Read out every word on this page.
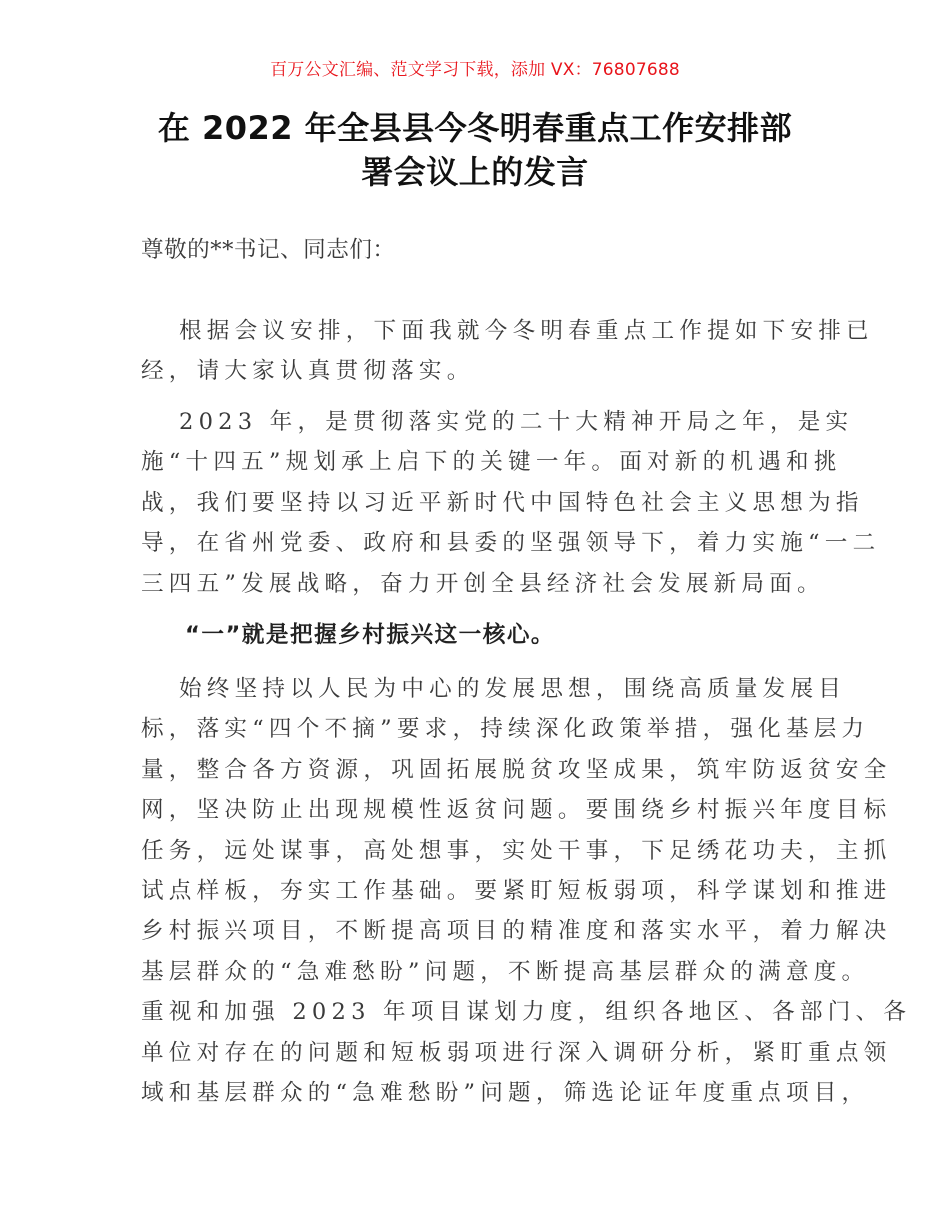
百万公文汇编、范文学习下载，添加 VX：76807688
在 2022 年全县县今冬明春重点工作安排部
署会议上的发言
尊敬的**书记、同志们：
根据会议安排，下面我就今冬明春重点工作提如下安排已
经，请大家认真贯彻落实。
2023 年，是贯彻落实党的二十大精神开局之年，是实
施“十四五”规划承上启下的关键一年。面对新的机遇和挑
战，我们要坚持以习近平新时代中国特色社会主义思想为指
导，在省州党委、政府和县委的坚强领导下，着力实施“一二
三四五”发展战略，奋力开创全县经济社会发展新局面。
“一”就是把握乡村振兴这一核心。
始终坚持以人民为中心的发展思想，围绕高质量发展目
标，落实“四个不摘”要求，持续深化政策举措，强化基层力
量，整合各方资源，巩固拓展脱贫攻坚成果，筑牢防返贫安全
网，坚决防止出现规模性返贫问题。要围绕乡村振兴年度目标
任务，远处谋事，高处想事，实处干事，下足绣花功夫，主抓
试点样板，夯实工作基础。要紧盯短板弱项，科学谋划和推进
乡村振兴项目，不断提高项目的精准度和落实水平，着力解决
基层群众的“急难愁盼”问题，不断提高基层群众的满意度。
重视和加强 2023 年项目谋划力度，组织各地区、各部门、各
单位对存在的问题和短板弱项进行深入调研分析，紧盯重点领
域和基层群众的“急难愁盼”问题，筛选论证年度重点项目，
